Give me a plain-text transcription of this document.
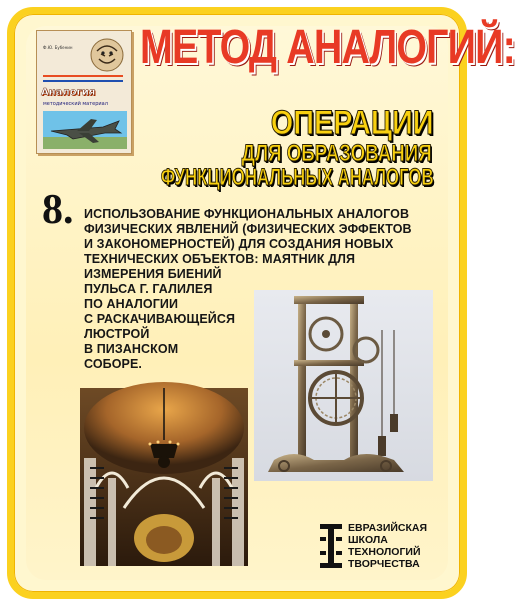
Ф.Ю. Бубенин
Аналогия
методический материал
МЕТОД АНАЛОГИЙ:
ОПЕРАЦИИ
ДЛЯ ОБРАЗОВАНИЯ
ФУНКЦИОНАЛЬНЫХ АНАЛОГОВ
8. ИСПОЛЬЗОВАНИЕ ФУНКЦИОНАЛЬНЫХ АНАЛОГОВ
ФИЗИЧЕСКИХ ЯВЛЕНИЙ (ФИЗИЧЕСКИХ ЭФФЕКТОВ
И ЗАКОНОМЕРНОСТЕЙ) ДЛЯ СОЗДАНИЯ НОВЫХ
ТЕХНИЧЕСКИХ ОБЪЕКТОВ: МАЯТНИК ДЛЯ
ИЗМЕРЕНИЯ БИЕНИЙ
ПУЛЬСА Г. ГАЛИЛЕЯ
ПО АНАЛОГИИ
С РАСКАЧИВАЮЩЕЙСЯ
ЛЮСТРОЙ
В ПИЗАНСКОМ
СОБОРЕ.
ЕВРАЗИЙСКАЯ
ШКОЛА
ТЕХНОЛОГИЙ
ТВОРЧЕСТВА
